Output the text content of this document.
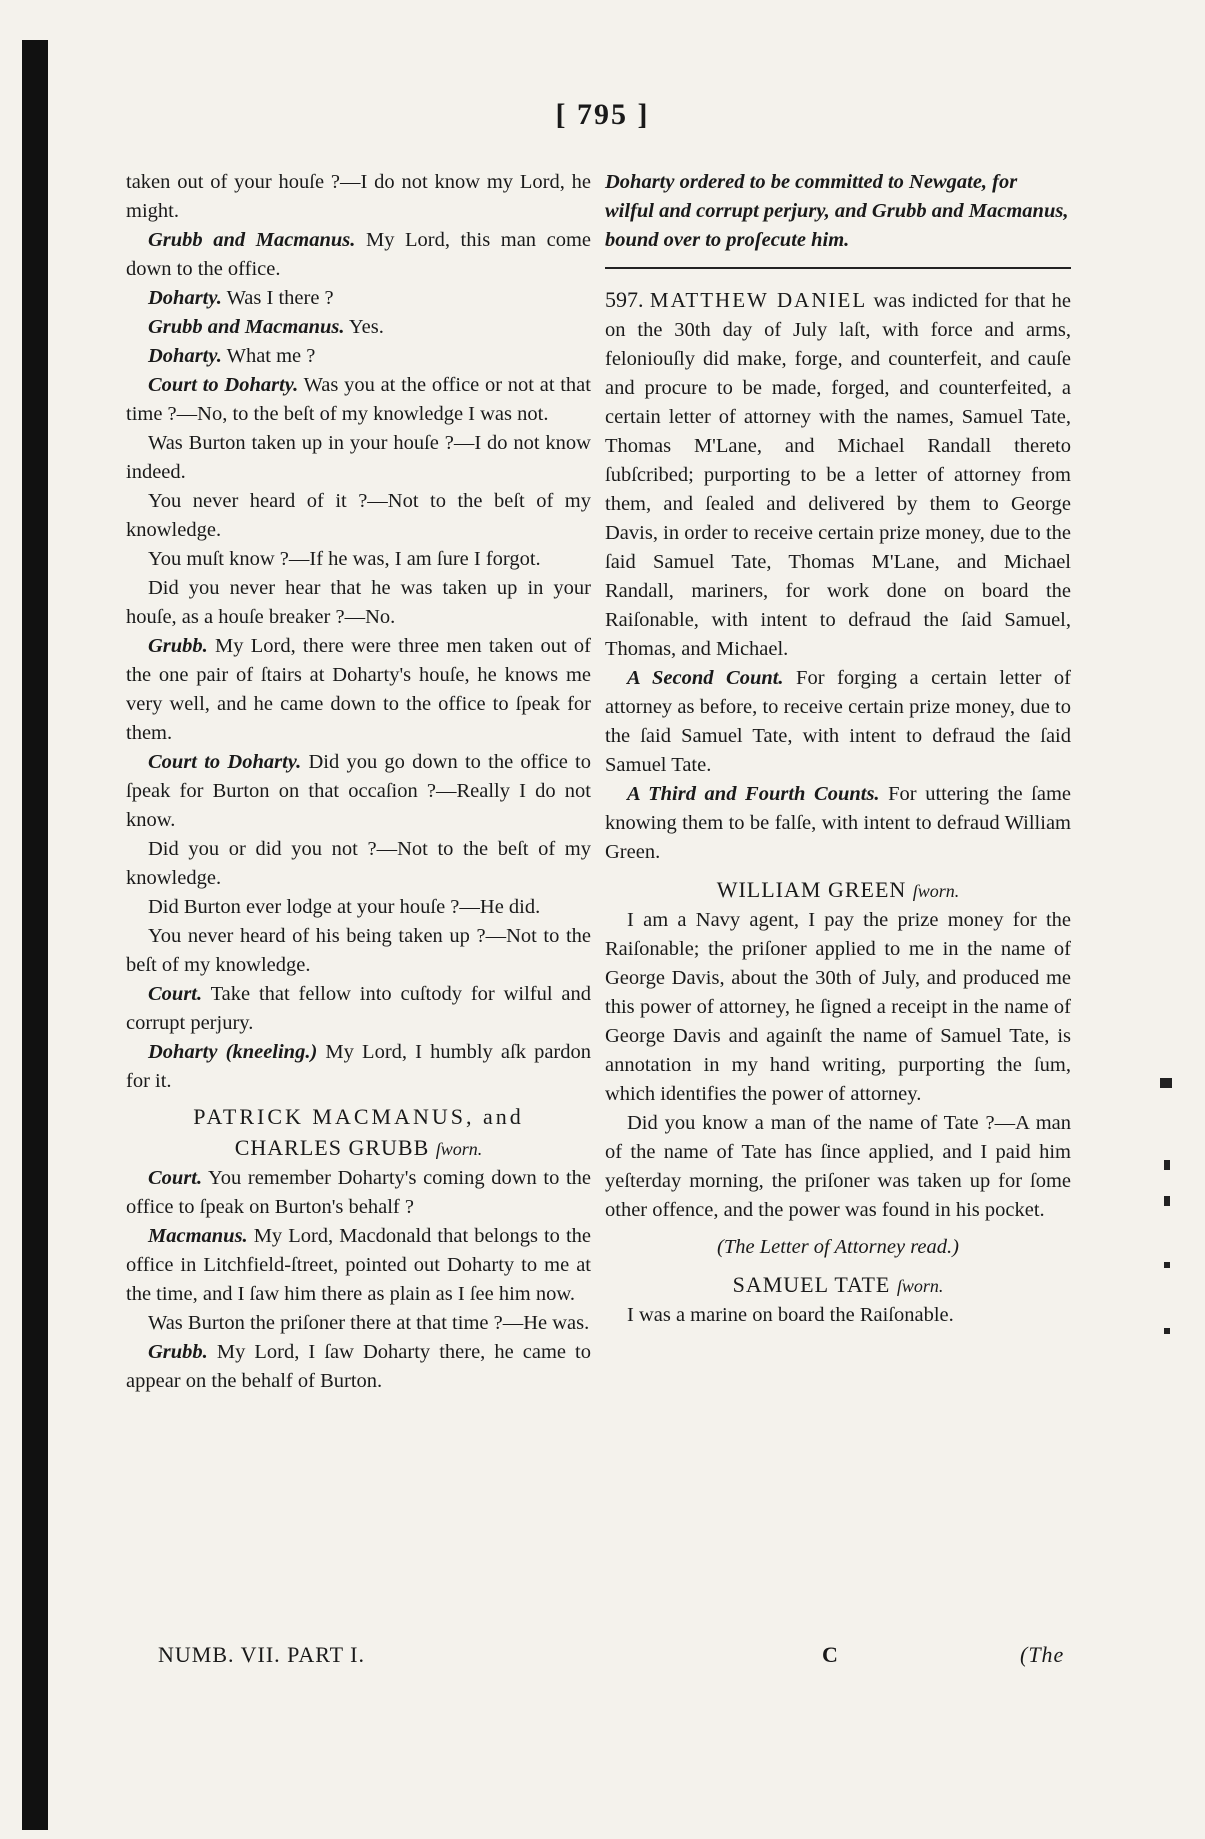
[ 795 ]

taken out of your houſe ?—I do not know my Lord, he might.

Grubb and Macmanus. My Lord, this man come down to the office.

Doharty. Was I there ?

Grubb and Macmanus. Yes.

Doharty. What me ?

Court to Doharty. Was you at the office or not at that time ?—No, to the beſt of my knowledge I was not.

Was Burton taken up in your houſe ?—I do not know indeed.

You never heard of it ?—Not to the beſt of my knowledge.

You muſt know ?—If he was, I am ſure I forgot.

Did you never hear that he was taken up in your houſe, as a houſe breaker ?—No.

Grubb. My Lord, there were three men taken out of the one pair of ſtairs at Doharty's houſe, he knows me very well, and he came down to the office to ſpeak for them.

Court to Doharty. Did you go down to the office to ſpeak for Burton on that occaſion ?—Really I do not know.

Did you or did you not ?—Not to the beſt of my knowledge.

Did Burton ever lodge at your houſe ?—He did.

You never heard of his being taken up ?—Not to the beſt of my knowledge.

Court. Take that fellow into cuſtody for wilful and corrupt perjury.

Doharty (kneeling.) My Lord, I humbly aſk pardon for it.

PATRICK MACMANUS, and

CHARLES GRUBB ſworn.

Court. You remember Doharty's coming down to the office to ſpeak on Burton's behalf ?

Macmanus. My Lord, Macdonald that belongs to the office in Litchfield-ſtreet, pointed out Doharty to me at the time, and I ſaw him there as plain as I ſee him now.

Was Burton the priſoner there at that time ?—He was.

Grubb. My Lord, I ſaw Doharty there, he came to appear on the behalf of Burton.

Doharty ordered to be committed to Newgate, for wilful and corrupt perjury, and Grubb and Macmanus, bound over to proſecute him.

597. MATTHEW DANIEL was indicted for that he on the 30th day of July laſt, with force and arms, feloniouſly did make, forge, and counterfeit, and cauſe and procure to be made, forged, and counterfeited, a certain letter of attorney with the names, Samuel Tate, Thomas M'Lane, and Michael Randall thereto ſubſcribed; purporting to be a letter of attorney from them, and ſealed and delivered by them to George Davis, in order to receive certain prize money, due to the ſaid Samuel Tate, Thomas M'Lane, and Michael Randall, mariners, for work done on board the Raiſonable, with intent to defraud the ſaid Samuel, Thomas, and Michael.

A Second Count. For forging a certain letter of attorney as before, to receive certain prize money, due to the ſaid Samuel Tate, with intent to defraud the ſaid Samuel Tate.

A Third and Fourth Counts. For uttering the ſame knowing them to be falſe, with intent to defraud William Green.

WILLIAM GREEN ſworn.

I am a Navy agent, I pay the prize money for the Raiſonable; the priſoner applied to me in the name of George Davis, about the 30th of July, and produced me this power of attorney, he ſigned a receipt in the name of George Davis and againſt the name of Samuel Tate, is annotation in my hand writing, purporting the ſum, which identifies the power of attorney.

Did you know a man of the name of Tate ?—A man of the name of Tate has ſince applied, and I paid him yeſterday morning, the priſoner was taken up for ſome other offence, and the power was found in his pocket.

(The Letter of Attorney read.)

SAMUEL TATE ſworn.

I was a marine on board the Raiſonable.

NUMB. VII. PART I.	C	(The
